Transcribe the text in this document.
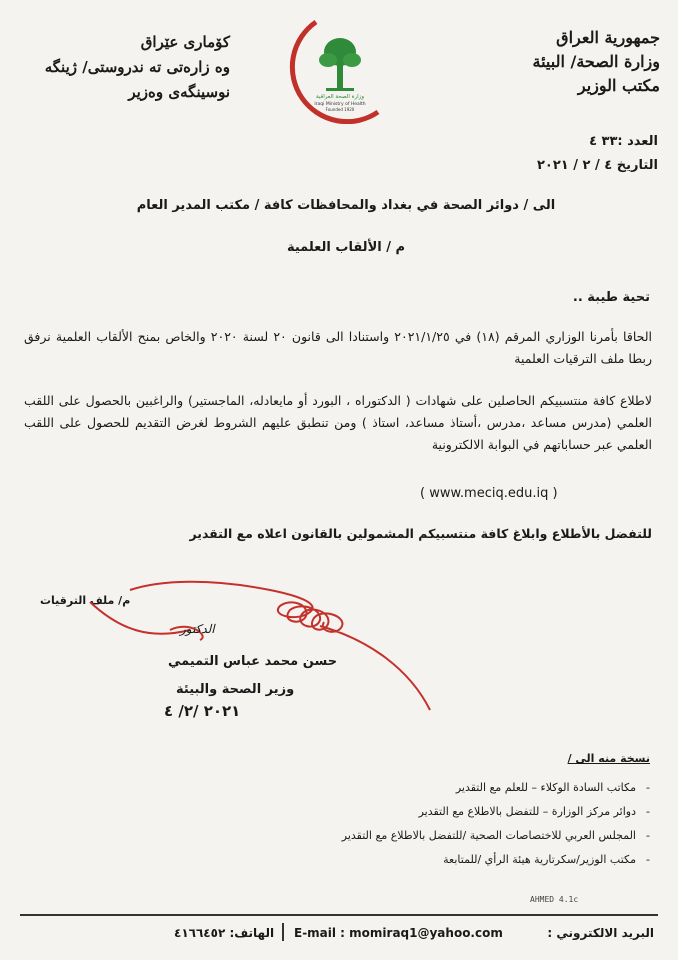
جمهورية العراق
وزارة الصحة/ البيئة
مكتب الوزير
كۆماری عێراق
وه زارەتی تە ندروستی/ ژینگە
نوسینگەی وەزیر	وزارة الصحة العراقية
Iraqi Ministry of Health
Founded 1920
العدد :٣٣ ٤
التاريخ ٤ / ٢ / ٢٠٢١
الى / دوائر الصحة في بغداد والمحافظات كافة / مكتب المدير العام
م / الألقاب العلمية
تحية طيبة ..
الحاقا بأمرنا الوزاري المرقم (١٨) في ٢٠٢١/١/٢٥ واستنادا الى قانون ٢٠ لسنة ٢٠٢٠ والخاص بمنح الألقاب العلمية نرفق ربطا ملف الترقيات العلمية
لاطلاع كافة منتسبيكم الحاصلين على شهادات ( الدكتوراه ، البورد أو مايعادله، الماجستير) والراغبين بالحصول على اللقب العلمي (مدرس مساعد ،مدرس ،أستاذ مساعد، استاذ ) ومن تنطبق عليهم الشروط لغرض التقديم للحصول على اللقب العلمي عبر حساباتهم في البوابة الالكترونية
( www.meciq.edu.iq )
للتفضل بالأطلاع وابلاغ كافة منتسبيكم المشمولين بالقانون اعلاه مع التقدير
م/ ملف الترقيات
الدكتور
حسن محمد عباس التميمي
وزير الصحة والبيئة
٢٠٢١ /٢/ ٤
نسخة منه الى /
- مكاتب السادة الوكلاء – للعلم مع التقدير
- دوائر مركز الوزارة – للتفضل بالاطلاع مع التقدير
- المجلس العربي للاختصاصات الصحية /للتفضل بالاطلاع مع التقدير
- مكتب الوزير/سكرتارية هيئة الرأي /للمتابعة
AHMED 4.1c
الهاتف: ٤١٦٦٤٥٢ E-mail : momiraq1@yahoo.com	البريد الالكتروني :
